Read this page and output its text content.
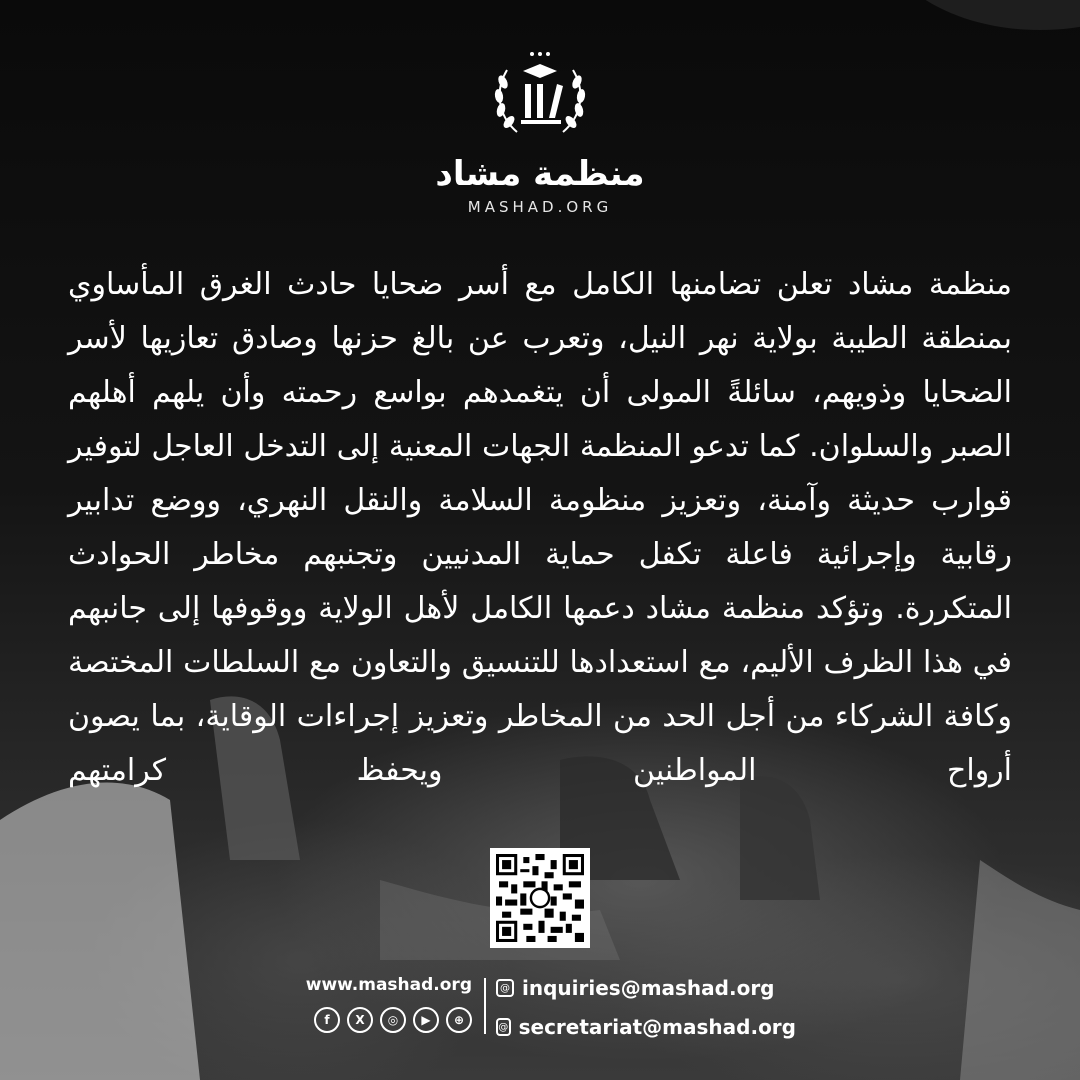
منظمة مشاد
MASHAD.ORG

منظمة مشاد تعلن تضامنها الكامل مع أسر ضحايا حادث الغرق المأساوي بمنطقة الطيبة بولاية نهر النيل، وتعرب عن بالغ حزنها وصادق تعازيها لأسر الضحايا وذويهم، سائلةً المولى أن يتغمدهم بواسع رحمته وأن يلهم أهلهم الصبر والسلوان. كما تدعو المنظمة الجهات المعنية إلى التدخل العاجل لتوفير قوارب حديثة وآمنة، وتعزيز منظومة السلامة والنقل النهري، ووضع تدابير رقابية وإجرائية فاعلة تكفل حماية المدنيين وتجنبهم مخاطر الحوادث المتكررة. وتؤكد منظمة مشاد دعمها الكامل لأهل الولاية ووقوفها إلى جانبهم في هذا الظرف الأليم، مع استعدادها للتنسيق والتعاون مع السلطات المختصة وكافة الشركاء من أجل الحد من المخاطر وتعزيز إجراءات الوقاية، بما يصون أرواح المواطنين ويحفظ كرامتهم

www.mashad.org
f	X	◎	▶	⊕
@ inquiries@mashad.org
@ secretariat@mashad.org
